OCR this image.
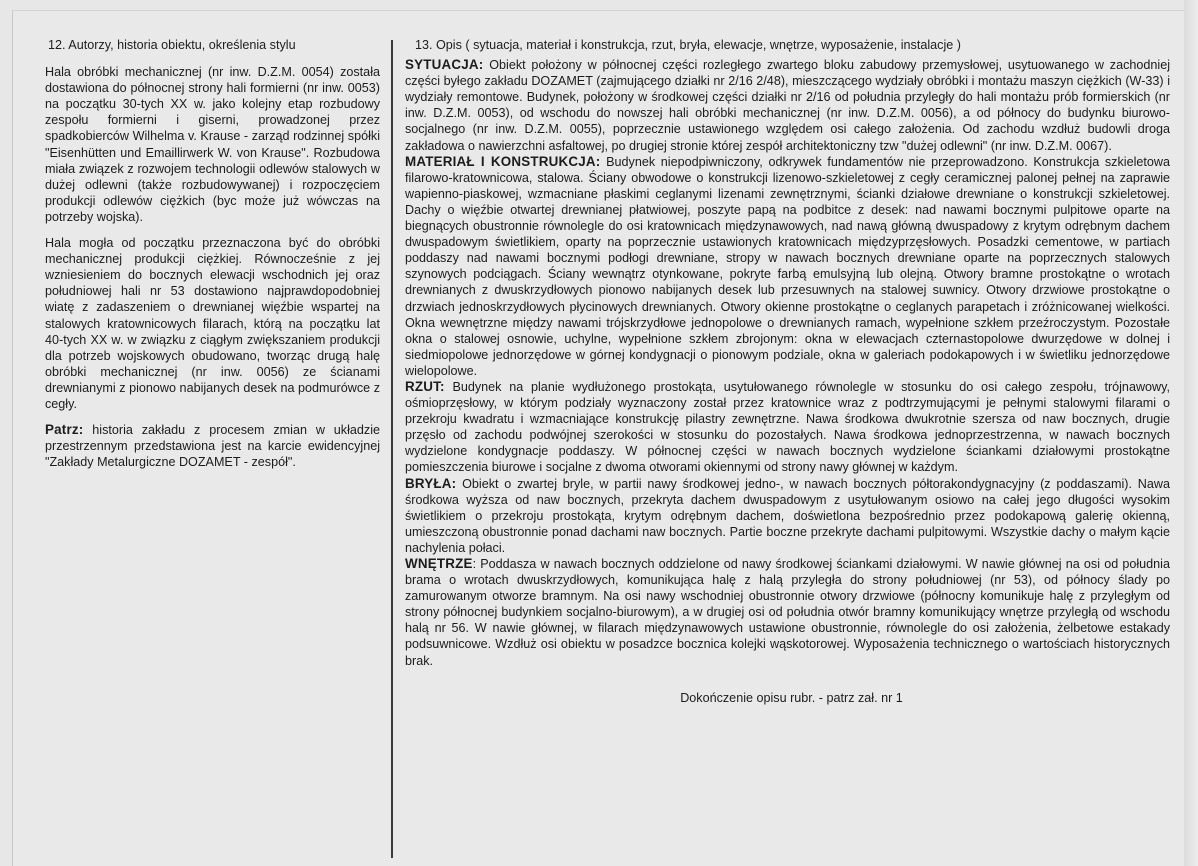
12. Autorzy, historia obiektu, określenia stylu

Hala obróbki mechanicznej (nr inw. D.Z.M. 0054) została dostawiona do północnej strony hali formierni (nr inw. 0053) na początku 30-tych XX w. jako kolejny etap rozbudowy zespołu formierni i giserni, prowadzonej przez spadkobierców Wilhelma v. Krause - zarząd rodzinnej spółki "Eisenhütten und Emaillirwerk W. von Krause". Rozbudowa miała związek z rozwojem technologii odlewów stalowych w dużej odlewni (także rozbudowywanej) i rozpoczęciem produkcji odlewów ciężkich (byc może już wówczas na potrzeby wojska).

Hala mogła od początku przeznaczona być do obróbki mechanicznej produkcji ciężkiej. Równocześnie z jej wzniesieniem do bocznych elewacji wschodnich jej oraz południowej hali nr 53 dostawiono najprawdopodobniej wiatę z zadaszeniem o drewnianej więźbie wspartej na stalowych kratownicowych filarach, którą na początku lat 40-tych XX w. w związku z ciągłym zwiększaniem produkcji dla potrzeb wojskowych obudowano, tworząc drugą halę obróbki mechanicznej (nr inw. 0056) ze ścianami drewnianymi z pionowo nabijanych desek na podmurówce z cegły.

Patrz: historia zakładu z procesem zmian w układzie przestrzennym przedstawiona jest na karcie ewidencyjnej "Zakłady Metalurgiczne DOZAMET - zespół".

13. Opis ( sytuacja, materiał i konstrukcja, rzut, bryła, elewacje, wnętrze, wyposażenie, instalacje )

SYTUACJA: Obiekt położony w północnej części rozległego zwartego bloku zabudowy przemysłowej, usytuowanego w zachodniej części byłego zakładu DOZAMET (zajmującego działki nr 2/16 2/48), mieszczącego wydziały obróbki i montażu maszyn ciężkich (W-33) i wydziały remontowe. Budynek, położony w środkowej części działki nr 2/16 od południa przyległy do hali montażu prób formierskich (nr inw. D.Z.M. 0053), od wschodu do nowszej hali obróbki mechanicznej (nr inw. D.Z.M. 0056), a od północy do budynku biurowo-socjalnego (nr inw. D.Z.M. 0055), poprzecznie ustawionego względem osi całego założenia. Od zachodu wzdłuż budowli droga zakładowa o nawierzchni asfaltowej, po drugiej stronie której zespół architektoniczny tzw "dużej odlewni" (nr inw. D.Z.M. 0067).

MATERIAŁ I KONSTRUKCJA: Budynek niepodpiwniczony, odkrywek fundamentów nie przeprowadzono. Konstrukcja szkieletowa filarowo-kratownicowa, stalowa. Ściany obwodowe o konstrukcji lizenowo-szkieletowej z cegły ceramicznej palonej pełnej na zaprawie wapienno-piaskowej, wzmacniane płaskimi ceglanymi lizenami zewnętrznymi, ścianki działowe drewniane o konstrukcji szkieletowej. Dachy o więźbie otwartej drewnianej płatwiowej, poszyte papą na podbitce z desek: nad nawami bocznymi pulpitowe oparte na biegnących obustronnie równolegle do osi kratownicach międzynawowych, nad nawą główną dwuspadowy z krytym odrębnym dachem dwuspadowym świetlikiem, oparty na poprzecznie ustawionych kratownicach międzyprzęsłowych. Posadzki cementowe, w partiach poddaszy nad nawami bocznymi podłogi drewniane, stropy w nawach bocznych drewniane oparte na poprzecznych stalowych szynowych podciągach. Ściany wewnątrz otynkowane, pokryte farbą emulsyjną lub olejną. Otwory bramne prostokątne o wrotach drewnianych z dwuskrzydłowych pionowo nabijanych desek lub przesuwnych na stalowej suwnicy. Otwory drzwiowe prostokątne o drzwiach jednoskrzydłowych płycinowych drewnianych. Otwory okienne prostokątne o ceglanych parapetach i zróżnicowanej wielkości. Okna wewnętrzne między nawami trójskrzydłowe jednopolowe o drewnianych ramach, wypełnione szkłem przeźroczystym. Pozostałe okna o stalowej osnowie, uchylne, wypełnione szkłem zbrojonym: okna w elewacjach czternastopolowe dwurzędowe w dolnej i siedmiopolowe jednorzędowe w górnej kondygnacji o pionowym podziale, okna w galeriach podokapowych i w świetliku jednorzędowe wielopolowe.

RZUT: Budynek na planie wydłużonego prostokąta, usytułowanego równolegle w stosunku do osi całego zespołu, trójnawowy, ośmioprzęsłowy, w którym podziały wyznaczony został przez kratownice wraz z podtrzymującymi je pełnymi stalowymi filarami o przekroju kwadratu i wzmacniające konstrukcję pilastry zewnętrzne. Nawa środkowa dwukrotnie szersza od naw bocznych, drugie przęsło od zachodu podwójnej szerokości w stosunku do pozostałych. Nawa środkowa jednoprzestrzenna, w nawach bocznych wydzielone kondygnacje poddaszy. W północnej części w nawach bocznych wydzielone ściankami działowymi prostokątne pomieszczenia biurowe i socjalne z dwoma otworami okiennymi od strony nawy głównej w każdym.

BRYŁA: Obiekt o zwartej bryle, w partii nawy środkowej jedno-, w nawach bocznych półtorakondygnacyjny (z poddaszami). Nawa środkowa wyższa od naw bocznych, przekryta dachem dwuspadowym z usytułowanym osiowo na całej jego długości wysokim świetlikiem o przekroju prostokąta, krytym odrębnym dachem, doświetlona bezpośrednio przez podokapową galerię okienną, umieszczoną obustronnie ponad dachami naw bocznych. Partie boczne przekryte dachami pulpitowymi. Wszystkie dachy o małym kącie nachylenia połaci.

WNĘTRZE: Poddasza w nawach bocznych oddzielone od nawy środkowej ściankami działowymi. W nawie głównej na osi od południa brama o wrotach dwuskrzydłowych, komunikująca halę z halą przyległa do strony południowej (nr 53), od północy ślady po zamurowanym otworze bramnym. Na osi nawy wschodniej obustronnie otwory drzwiowe (północny komunikuje halę z przyległym od strony północnej budynkiem socjalno-biurowym), a w drugiej osi od południa otwór bramny komunikujący wnętrze przyległą od wschodu halą nr 56. W nawie głównej, w filarach międzynawowych ustawione obustronnie, równolegle do osi założenia, żelbetowe estakady podsuwnicowe. Wzdłuż osi obiektu w posadzce bocznica kolejki wąskotorowej. Wyposażenia technicznego o wartościach historycznych brak.

Dokończenie opisu rubr. - patrz zał. nr 1
